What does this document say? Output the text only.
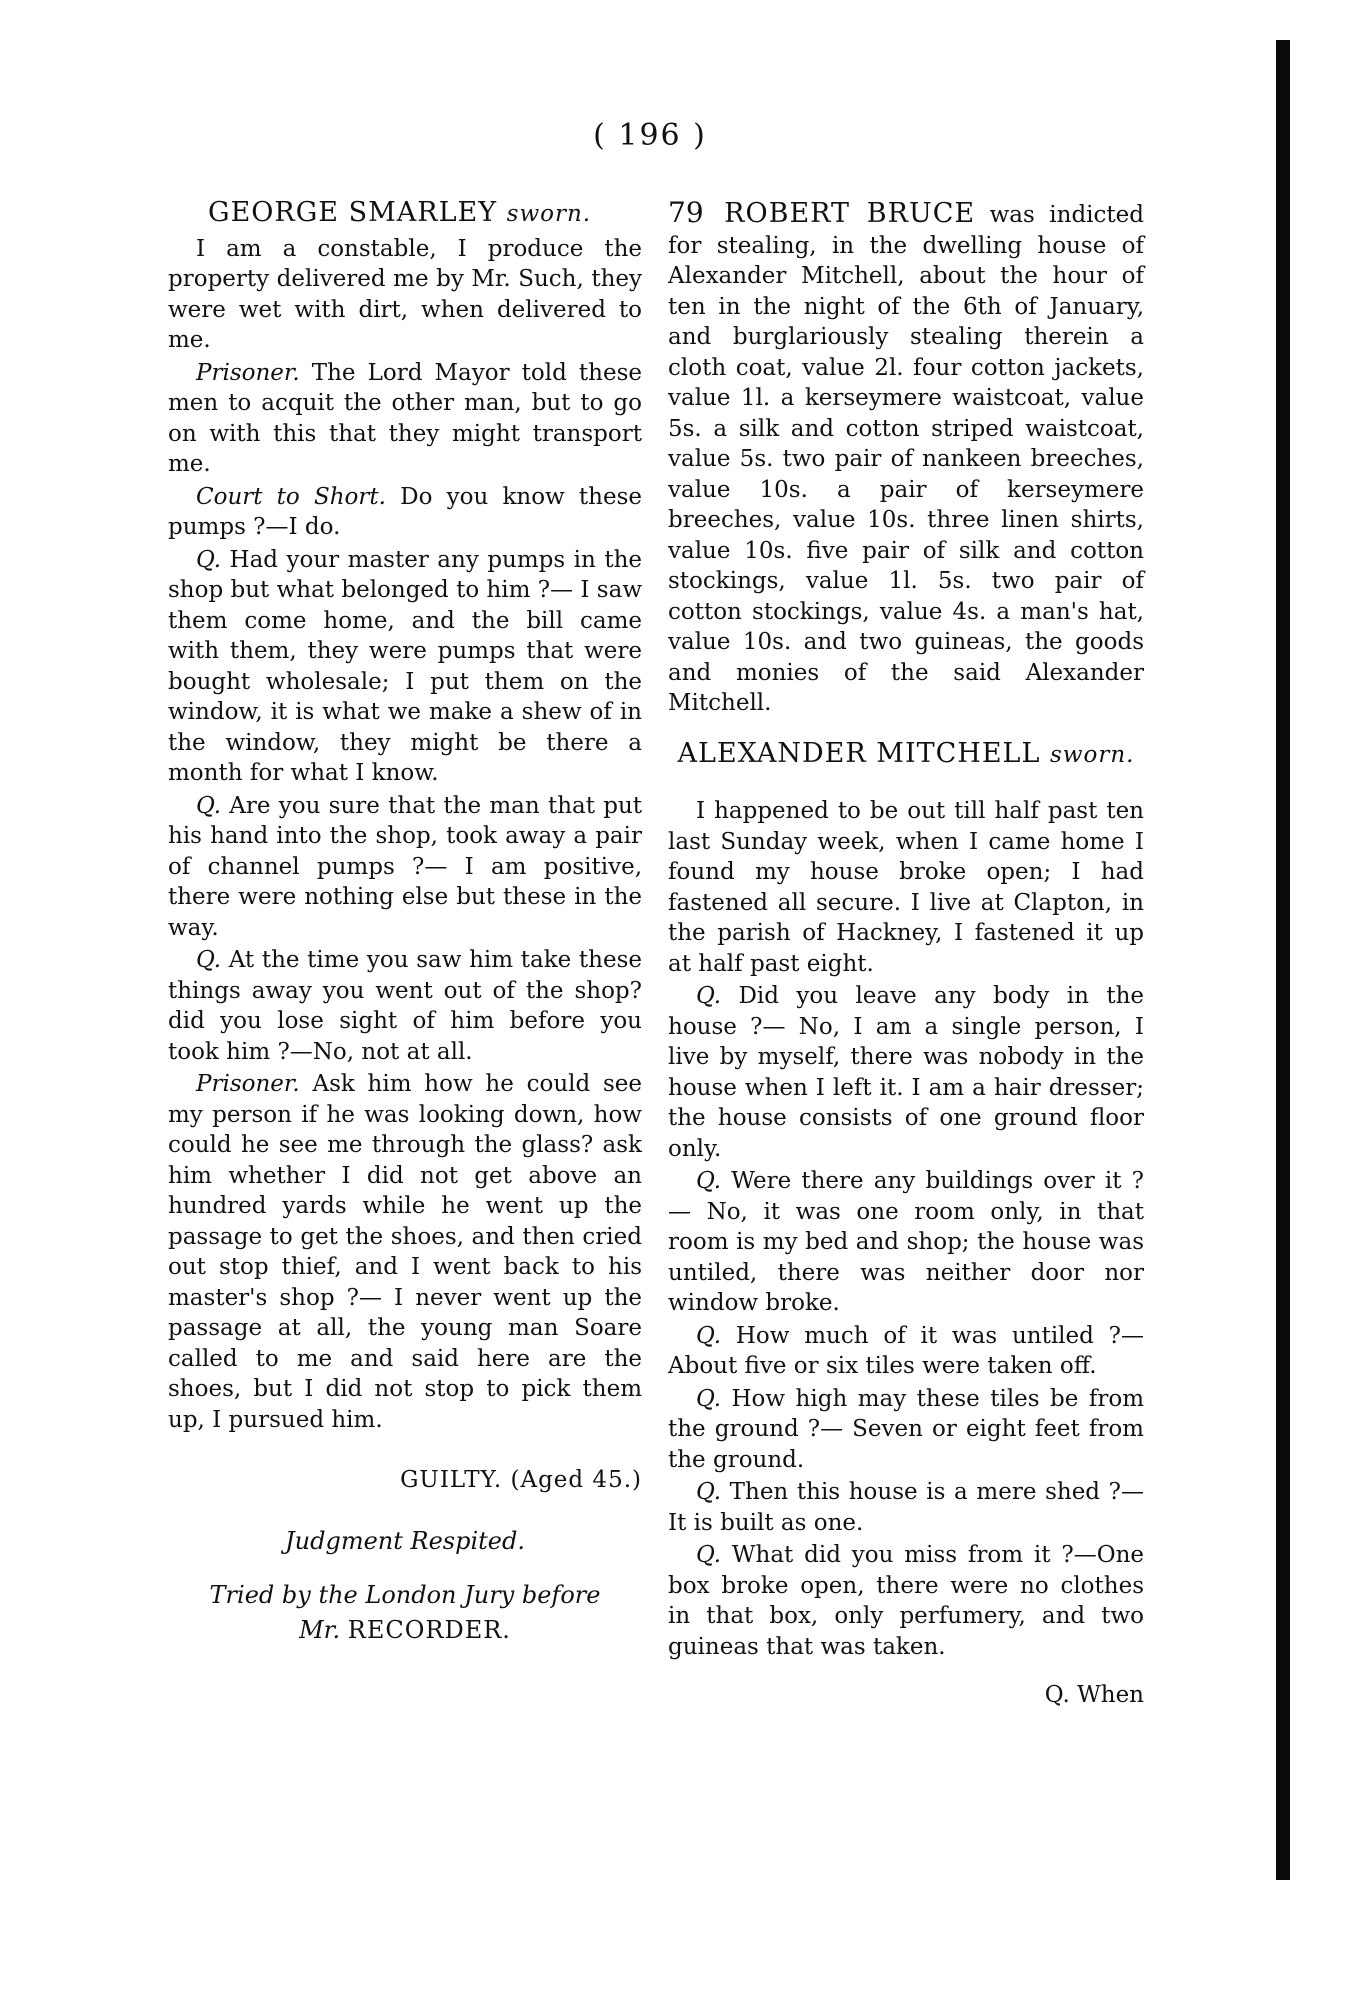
( 196 )
GEORGE SMARLEY sworn.

I am a constable, I produce the property delivered me by Mr. Such, they were wet with dirt, when delivered to me.

Prisoner. The Lord Mayor told these men to acquit the other man, but to go on with this that they might transport me.

Court to Short. Do you know these pumps ?—I do.

Q. Had your master any pumps in the shop but what belonged to him ?— I saw them come home, and the bill came with them, they were pumps that were bought wholesale; I put them on the window, it is what we make a shew of in the window, they might be there a month for what I know.

Q. Are you sure that the man that put his hand into the shop, took away a pair of channel pumps ?— I am positive, there were nothing else but these in the way.

Q. At the time you saw him take these things away you went out of the shop? did you lose sight of him before you took him ?—No, not at all.

Prisoner. Ask him how he could see my person if he was looking down, how could he see me through the glass? ask him whether I did not get above an hundred yards while he went up the passage to get the shoes, and then cried out stop thief, and I went back to his master's shop ?— I never went up the passage at all, the young man Soare called to me and said here are the shoes, but I did not stop to pick them up, I pursued him.

GUILTY. (Aged 45.)
Judgment Respited.
Tried by the London Jury before
Mr. RECORDER.

79 ROBERT BRUCE was indicted for stealing, in the dwelling house of Alexander Mitchell, about the hour of ten in the night of the 6th of January, and burglariously stealing therein a cloth coat, value 2l. four cotton jackets, value 1l. a kerseymere waistcoat, value 5s. a silk and cotton striped waistcoat, value 5s. two pair of nankeen breeches, value 10s. a pair of kerseymere breeches, value 10s. three linen shirts, value 10s. five pair of silk and cotton stockings, value 1l. 5s. two pair of cotton stockings, value 4s. a man's hat, value 10s. and two guineas, the goods and monies of the said Alexander Mitchell.

ALEXANDER MITCHELL sworn.

I happened to be out till half past ten last Sunday week, when I came home I found my house broke open; I had fastened all secure. I live at Clapton, in the parish of Hackney, I fastened it up at half past eight.

Q. Did you leave any body in the house ?— No, I am a single person, I live by myself, there was nobody in the house when I left it. I am a hair dresser; the house consists of one ground floor only.

Q. Were there any buildings over it ? — No, it was one room only, in that room is my bed and shop; the house was untiled, there was neither door nor window broke.

Q. How much of it was untiled ?— About five or six tiles were taken off.

Q. How high may these tiles be from the ground ?— Seven or eight feet from the ground.

Q. Then this house is a mere shed ?— It is built as one.

Q. What did you miss from it ?—One box broke open, there were no clothes in that box, only perfumery, and two guineas that was taken.

Q. When
